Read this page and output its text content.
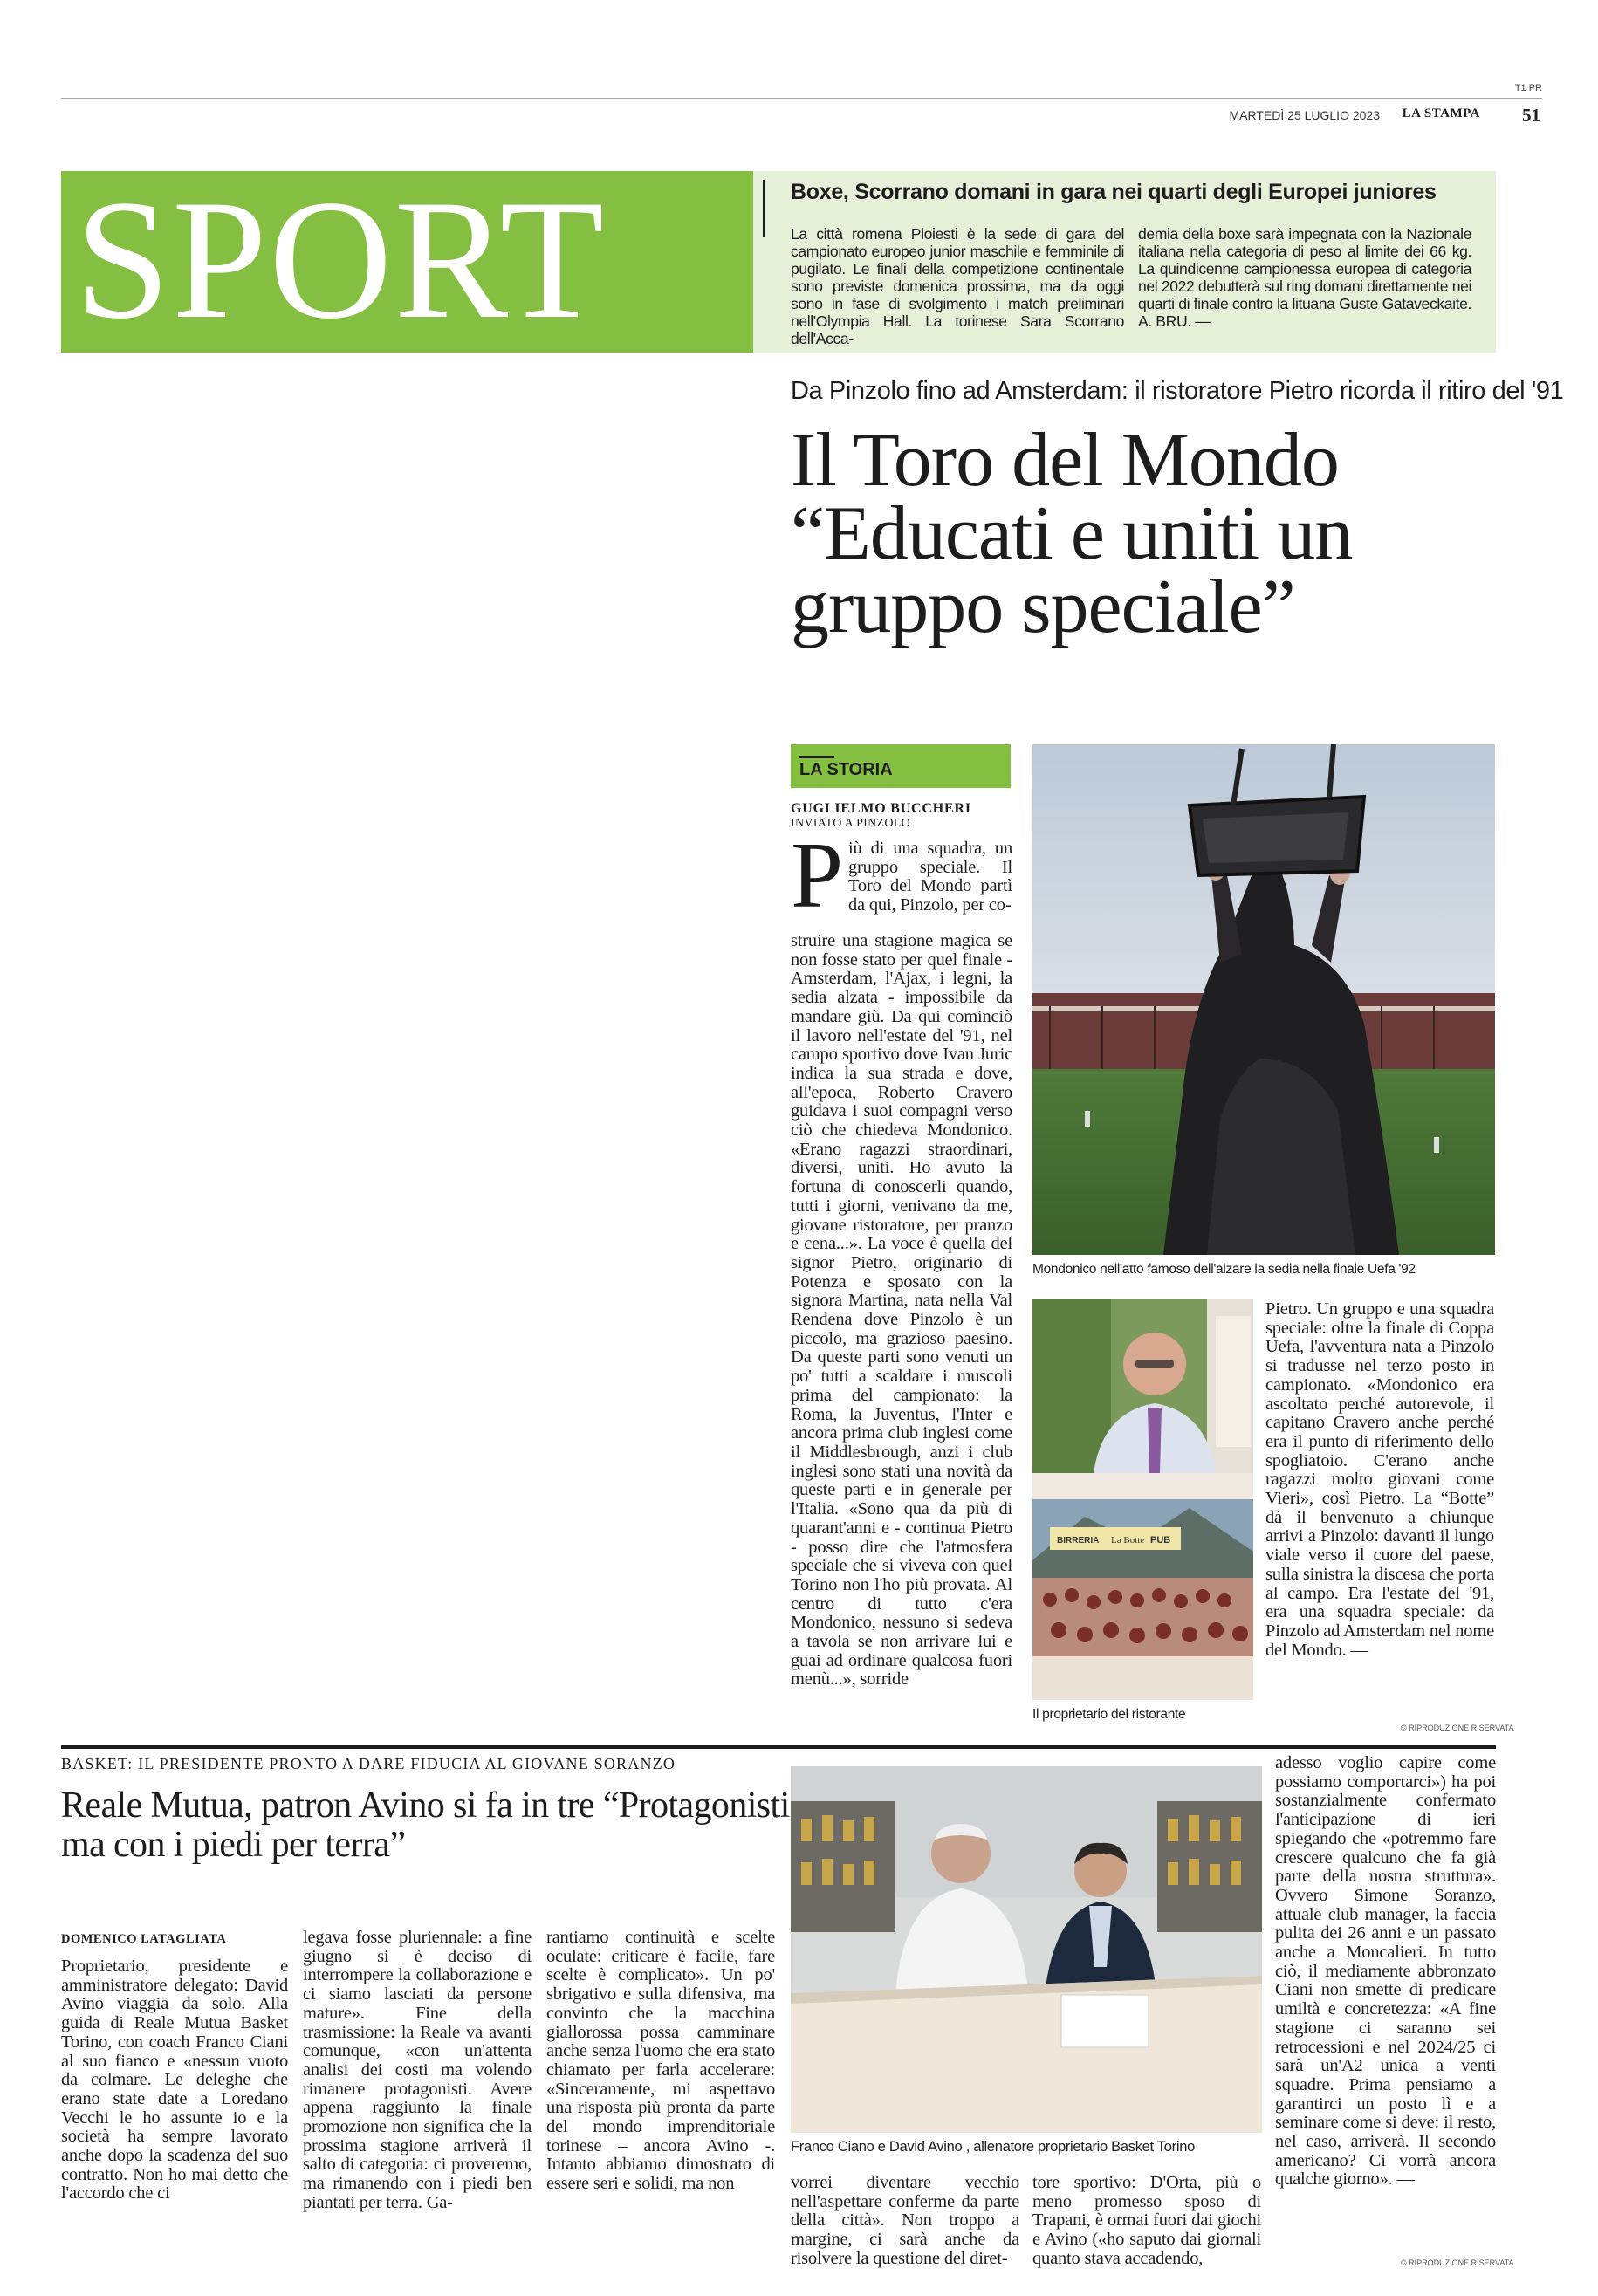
T1 PR
MARTEDÌ 25 LUGLIO 2023 LA STAMPA 51
SPORT	Boxe, Scorrano domani in gara nei quarti degli Europei juniores
La città romena Ploiesti è la sede di gara del campionato europeo junior maschile e femminile di pugilato. Le finali della competizione continentale sono previste domenica prossima, ma da oggi sono in fase di svolgimento i match preliminari nell'Olympia Hall. La torinese Sara Scorrano dell'Acca-
demia della boxe sarà impegnata con la Nazionale italiana nella categoria di peso al limite dei 66 kg. La quindicenne campionessa europea di categoria nel 2022 debutterà sul ring domani direttamente nei quarti di finale contro la lituana Guste Gataveckaite. A. BRU. —
Da Pinzolo fino ad Amsterdam: il ristoratore Pietro ricorda il ritiro del '91
Il Toro del Mondo “Educati e uniti un gruppo speciale”
LA STORIA
GUGLIELMO BUCCHERI
INVIATO A PINZOLO
P iù di una squadra, un gruppo speciale. Il Toro del Mondo partì da qui, Pinzolo, per co-
struire una stagione magica se non fosse stato per quel finale - Amsterdam, l'Ajax, i legni, la sedia alzata - impossibile da mandare giù. Da qui cominciò il lavoro nell'estate del '91, nel campo sportivo dove Ivan Juric indica la sua strada e dove, all'epoca, Roberto Cravero guidava i suoi compagni verso ciò che chiedeva Mondonico. «Erano ragazzi straordinari, diversi, uniti. Ho avuto la fortuna di conoscerli quando, tutti i giorni, venivano da me, giovane ristoratore, per pranzo e cena...». La voce è quella del signor Pietro, originario di Potenza e sposato con la signora Martina, nata nella Val Rendena dove Pinzolo è un piccolo, ma grazioso paesino. Da queste parti sono venuti un po' tutti a scaldare i muscoli prima del campionato: la Roma, la Juventus, l'Inter e ancora prima club inglesi come il Middlesbrough, anzi i club inglesi sono stati una novità da queste parti e in generale per l'Italia. «Sono qua da più di quarant'anni e - continua Pietro - posso dire che l'atmosfera speciale che si viveva con quel Torino non l'ho più provata. Al centro di tutto c'era Mondonico, nessuno si sedeva a tavola se non arrivare lui e guai ad ordinare qualcosa fuori menù...», sorride
Pietro. Un gruppo e una squadra speciale: oltre la finale di Coppa Uefa, l'avventura nata a Pinzolo si tradusse nel terzo posto in campionato. «Mondonico era ascoltato perché autorevole, il capitano Cravero anche perché era il punto di riferimento dello spogliatoio. C'erano anche ragazzi molto giovani come Vieri», così Pietro. La “Botte” dà il benvenuto a chiunque arrivi a Pinzolo: davanti il lungo viale verso il cuore del paese, sulla sinistra la discesa che porta al campo. Era l'estate del '91, era una squadra speciale: da Pinzolo ad Amsterdam nel nome del Mondo. —
Mondonico nell'atto famoso dell'alzare la sedia nella finale Uefa '92
BIRRERIA La Botte PUB
Il proprietario del ristorante
© RIPRODUZIONE RISERVATA
BASKET: IL PRESIDENTE PRONTO A DARE FIDUCIA AL GIOVANE SORANZO
Reale Mutua, patron Avino si fa in tre “Protagonisti ma con i piedi per terra”
DOMENICO LATAGLIATA
Proprietario, presidente e amministratore delegato: David Avino viaggia da solo. Alla guida di Reale Mutua Basket Torino, con coach Franco Ciani al suo fianco e «nessun vuoto da colmare. Le deleghe che erano state date a Loredano Vecchi le ho assunte io e la società ha sempre lavorato anche dopo la scadenza del suo contratto. Non ho mai detto che l'accordo che ci
legava fosse pluriennale: a fine giugno si è deciso di interrompere la collaborazione e ci siamo lasciati da persone mature». Fine della trasmissione: la Reale va avanti comunque, «con un'attenta analisi dei costi ma volendo rimanere protagonisti. Avere appena raggiunto la finale promozione non significa che la prossima stagione arriverà il salto di categoria: ci proveremo, ma rimanendo con i piedi ben piantati per terra. Ga-
rantiamo continuità e scelte oculate: criticare è facile, fare scelte è complicato». Un po' sbrigativo e sulla difensiva, ma convinto che la macchina giallorossa possa camminare anche senza l'uomo che era stato chiamato per farla accelerare: «Sinceramente, mi aspettavo una risposta più pronta da parte del mondo imprenditoriale torinese – ancora Avino -. Intanto abbiamo dimostrato di essere seri e solidi, ma non	vorrei diventare vecchio nell'aspettare conferme da parte della città». Non troppo a margine, ci sarà anche da risolvere la questione del diret-
tore sportivo: D'Orta, più o meno promesso sposo di Trapani, è ormai fuori dai giochi e Avino («ho saputo dai giornali quanto stava accadendo,
adesso voglio capire come possiamo comportarci») ha poi sostanzialmente confermato l'anticipazione di ieri spiegando che «potremmo fare crescere qualcuno che fa già parte della nostra struttura». Ovvero Simone Soranzo, attuale club manager, la faccia pulita dei 26 anni e un passato anche a Moncalieri. In tutto ciò, il mediamente abbronzato Ciani non smette di predicare umiltà e concretezza: «A fine stagione ci saranno sei retrocessioni e nel 2024/25 ci sarà un'A2 unica a venti squadre. Prima pensiamo a garantirci un posto lì e a seminare come si deve: il resto, nel caso, arriverà. Il secondo americano? Ci vorrà ancora qualche giorno». —
Franco Ciano e David Avino , allenatore proprietario Basket Torino
© RIPRODUZIONE RISERVATA
